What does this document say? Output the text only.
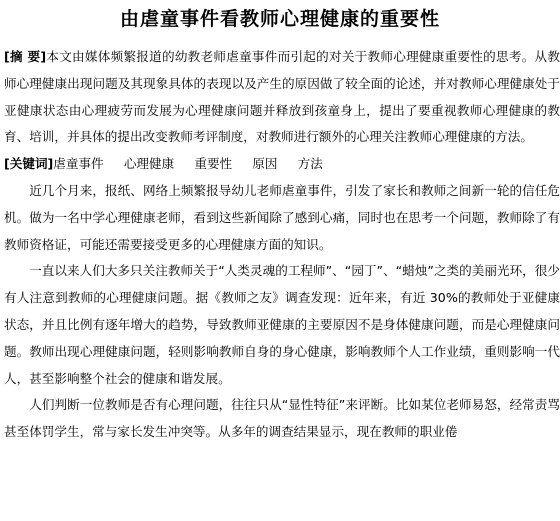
由虐童事件看教师心理健康的重要性

[摘 要]本文由媒体频繁报道的幼教老师虐童事件而引起的对关于教师心理健康重要性的思考。从教师心理健康出现问题及其现象具体的表现以及产生的原因做了较全面的论述，并对教师心理健康处于亚健康状态由心理疲劳而发展为心理健康问题并释放到孩童身上，提出了要重视教师心理健康的教育、培训，并具体的提出改变教师考评制度，对教师进行额外的心理关注教师心理健康的方法。

[关键词]虐童事件 心理健康 重要性 原因 方法

近几个月来，报纸、网络上频繁报导幼儿老师虐童事件，引发了家长和教师之间新一轮的信任危机。做为一名中学心理健康老师，看到这些新闻除了感到心痛，同时也在思考一个问题，教师除了有教师资格证，可能还需要接受更多的心理健康方面的知识。

一直以来人们大多只关注教师关于“人类灵魂的工程师”、“园丁”、“蜡烛”之类的美丽光环，很少有人注意到教师的心理健康问题。据《教师之友》调查发现：近年来，有近 30%的教师处于亚健康状态，并且比例有逐年增大的趋势，导致教师亚健康的主要原因不是身体健康问题，而是心理健康问题。教师出现心理健康问题，轻则影响教师自身的身心健康，影响教师个人工作业绩，重则影响一代人，甚至影响整个社会的健康和谐发展。

人们判断一位教师是否有心理问题，往往只从“显性特征”来评断。比如某位老师易怒，经常责骂甚至体罚学生，常与家长发生冲突等。从多年的调查结果显示，现在教师的职业倦
